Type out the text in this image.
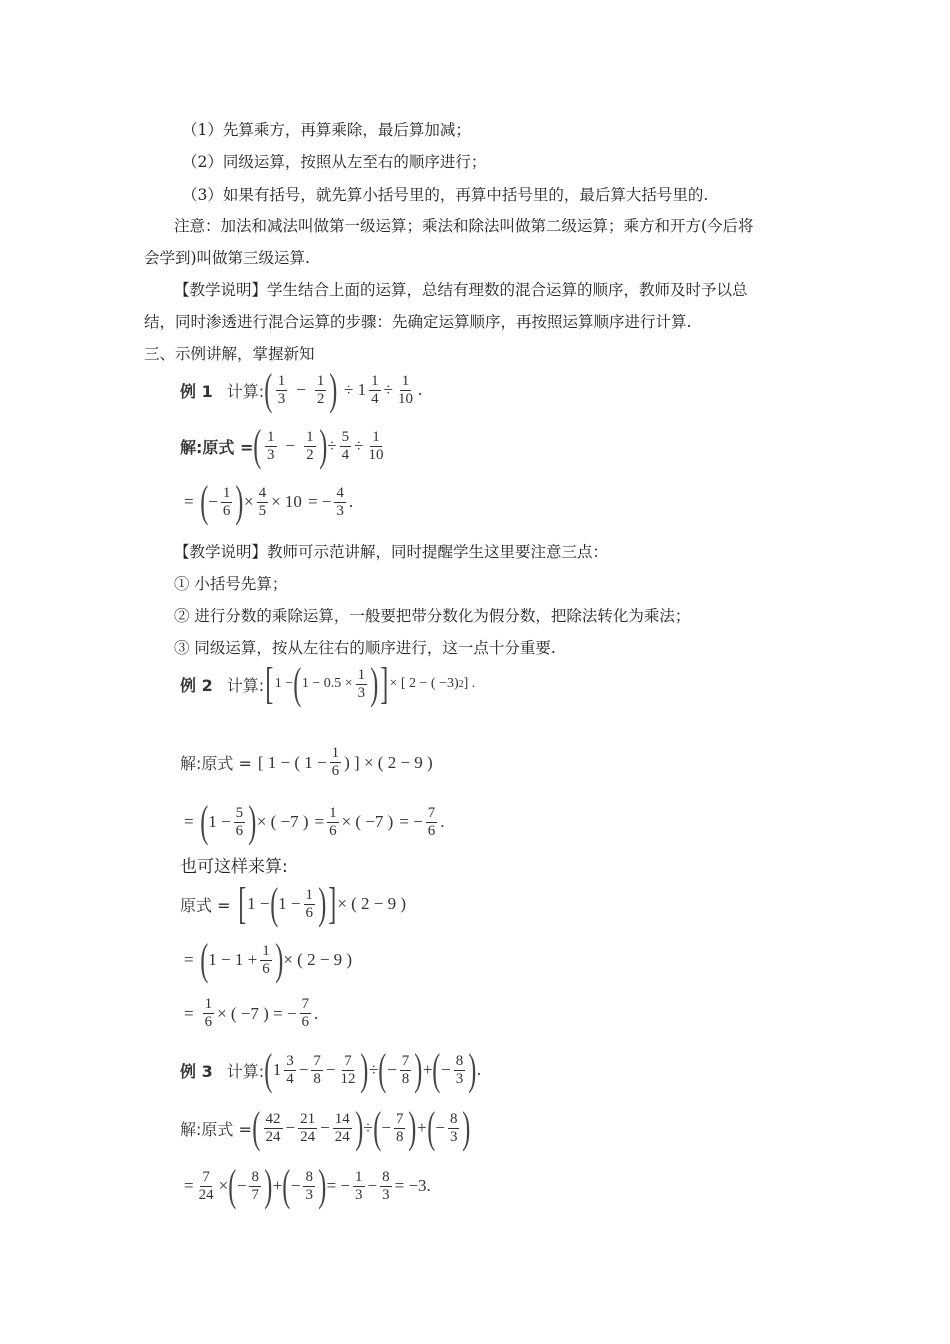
（1）先算乘方，再算乘除，最后算加减；
（2）同级运算，按照从左至右的顺序进行；
（3）如果有括号，就先算小括号里的，再算中括号里的，最后算大括号里的.
注意：加法和减法叫做第一级运算；乘法和除法叫做第二级运算；乘方和开方(今后将
会学到)叫做第三级运算.
【教学说明】学生结合上面的运算，总结有理数的混合运算的顺序，教师及时予以总
结，同时渗透进行混合运算的步骤：先确定运算顺序，再按照运算顺序进行计算.
三、示例讲解，掌握新知
例 1 计算: ( $\frac{1}{3} - \frac{1}{2}$ ) ÷ $1 \frac{1}{4} \div \frac{1}{10}$ .
解:原式 = ( $\frac{1}{3} - \frac{1}{2}$ ) ÷ $\frac{5}{4} \div \frac{1}{10}$
= ( − $\frac{1}{6}$ ) × $\frac{4}{5} \times 10$
= − $\frac{4}{3}$ .
【教学说明】教师可示范讲解，同时提醒学生这里要注意三点：
① 小括号先算；
② 进行分数的乘除运算，一般要把带分数化为假分数，把除法转化为乘法；
③ 同级运算，按从左往右的顺序进行，这一点十分重要.
例 2 计算: [ 1 − ( $1 - 0.5 \times \frac{1}{3}$ ) ] × [ 2 − ( −3) 2 ] .
解:原式 = [ 1 − ( $1 - \frac{1}{6}$ ) ] × ( 2 − 9 )
= ( $1 - \frac{5}{6}$ ) × ( −7 )
= $\frac{1}{6}$ × ( −7 )
= − $\frac{7}{6}$ .
也可这样来算:
原式 = [ 1 − ( $1 - \frac{1}{6}$ ) ] × ( 2 − 9 )
= ( $1 - 1 + \frac{1}{6}$ ) × ( 2 − 9 )
= $\frac{1}{6}$ × ( −7 ) = − $\frac{7}{6}$ .
例 3 计算: ( $1 \frac{3}{4} - \frac{7}{8} - \frac{7}{12}$ ) ÷ ( − $\frac{7}{8}$ ) + ( − $\frac{8}{3}$ ) .
解:原式 = ( $\frac{42}{24} - \frac{21}{24} - \frac{14}{24}$ ) ÷ ( − $\frac{7}{8}$ ) + ( − $\frac{8}{3}$ )
= $\frac{7}{24}$ × ( − $\frac{8}{7}$ ) + ( − $\frac{8}{3}$ ) = − $\frac{1}{3} - \frac{8}{3} = -3$.
